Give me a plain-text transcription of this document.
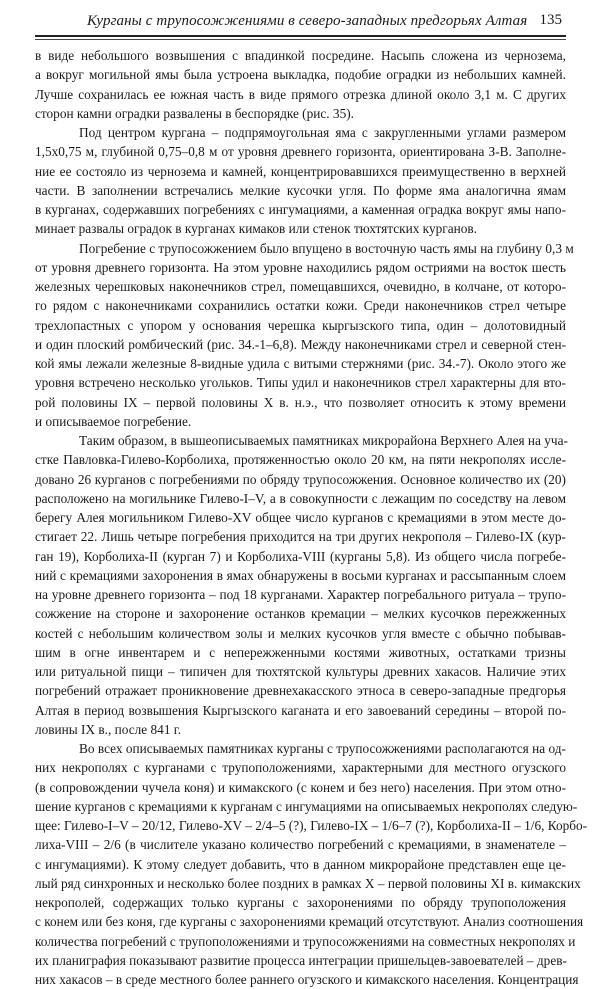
Курганы с трупосожжениями в северо-западных предгорьях Алтая 135

в виде небольшого возвышения с впадинкой посредине. Насыпь сложена из чернозема,
а вокруг могильной ямы была устроена выкладка, подобие оградки из небольших камней.
Лучше сохранилась ее южная часть в виде прямого отрезка длиной около 3,1 м. С других
сторон камни оградки развалены в беспорядке (рис. 35).

Под центром кургана – подпрямоугольная яма с закругленными углами размером
1,5х0,75 м, глубиной 0,75–0,8 м от уровня древнего горизонта, ориентирована З-В. Заполне-
ние ее состояло из чернозема и камней, концентрировавшихся преимущественно в верхней
части. В заполнении встречались мелкие кусочки угля. По форме яма аналогична ямам
в курганах, содержавших погребениях с ингумациями, а каменная оградка вокруг ямы напо-
минает развалы оградок в курганах кимаков или стенок тюхтятских курганов.

Погребение с трупосожжением было впущено в восточную часть ямы на глубину 0,3 м
от уровня древнего горизонта. На этом уровне находились рядом остриями на восток шесть
железных черешковых наконечников стрел, помещавшихся, очевидно, в колчане, от которо-
го рядом с наконечниками сохранились остатки кожи. Среди наконечников стрел четыре
трехлопастных с упором у основания черешка кыргызского типа, один – долотовидный
и один плоский ромбический (рис. 34.-1–6,8). Между наконечниками стрел и северной стен-
кой ямы лежали железные 8-видные удила с витыми стержнями (рис. 34.-7). Около этого же
уровня встречено несколько угольков. Типы удил и наконечников стрел характерны для вто-
рой половины IX – первой половины X в. н.э., что позволяет относить к этому времени
и описываемое погребение.

Таким образом, в вышеописываемых памятниках микрорайона Верхнего Алея на уча-
стке Павловка-Гилево-Корболиха, протяженностью около 20 км, на пяти некрополях иссле-
довано 26 курганов с погребениями по обряду трупосожжения. Основное количество их (20)
расположено на могильнике Гилево-I–V, а в совокупности с лежащим по соседству на левом
берегу Алея могильником Гилево-XV общее число курганов с кремациями в этом месте до-
стигает 22. Лишь четыре погребения приходится на три других некрополя – Гилево-IX (кур-
ган 19), Корболиха-II (курган 7) и Корболиха-VIII (курганы 5,8). Из общего числа погребе-
ний с кремациями захоронения в ямах обнаружены в восьми курганах и рассыпанным слоем
на уровне древнего горизонта – под 18 курганами. Характер погребального ритуала – трупо-
сожжение на стороне и захоронение останков кремации – мелких кусочков пережженных
костей с небольшим количеством золы и мелких кусочков угля вместе с обычно побывав-
шим в огне инвентарем и с непережженными костями животных, остатками тризны
или ритуальной пищи – типичен для тюхтятской культуры древних хакасов. Наличие этих
погребений отражает проникновение древнехакасского этноса в северо-западные предгорья
Алтая в период возвышения Кыргызского каганата и его завоеваний середины – второй по-
ловины IX в., после 841 г.

Во всех описываемых памятниках курганы с трупосожжениями располагаются на од-
них некрополях с курганами с трупоположениями, характерными для местного огузского
(в сопровождении чучела коня) и кимакского (с конем и без него) населения. При этом отно-
шение курганов с кремациями к курганам с ингумациями на описываемых некрополях следую-
щее: Гилево-I–V – 20/12, Гилево-XV – 2/4–5 (?), Гилево-IX – 1/6–7 (?), Корболиха-II – 1/6, Корбо-
лиха-VIII – 2/6 (в числителе указано количество погребений с кремациями, в знаменателе –
с ингумациями). К этому следует добавить, что в данном микрорайоне представлен еще це-
лый ряд синхронных и несколько более поздних в рамках X – первой половины XI в. кимакских
некрополей, содержащих только курганы с захоронениями по обряду трупоположения
с конем или без коня, где курганы с захоронениями кремаций отсутствуют. Анализ соотношения
количества погребений с трупоположениями и трупосожжениями на совместных некрополях и
их планиграфия показывают развитие процесса интеграции пришельцев-завоевателей – древ-
них хакасов – в среде местного более раннего огузского и кимакского населения. Концентрация
